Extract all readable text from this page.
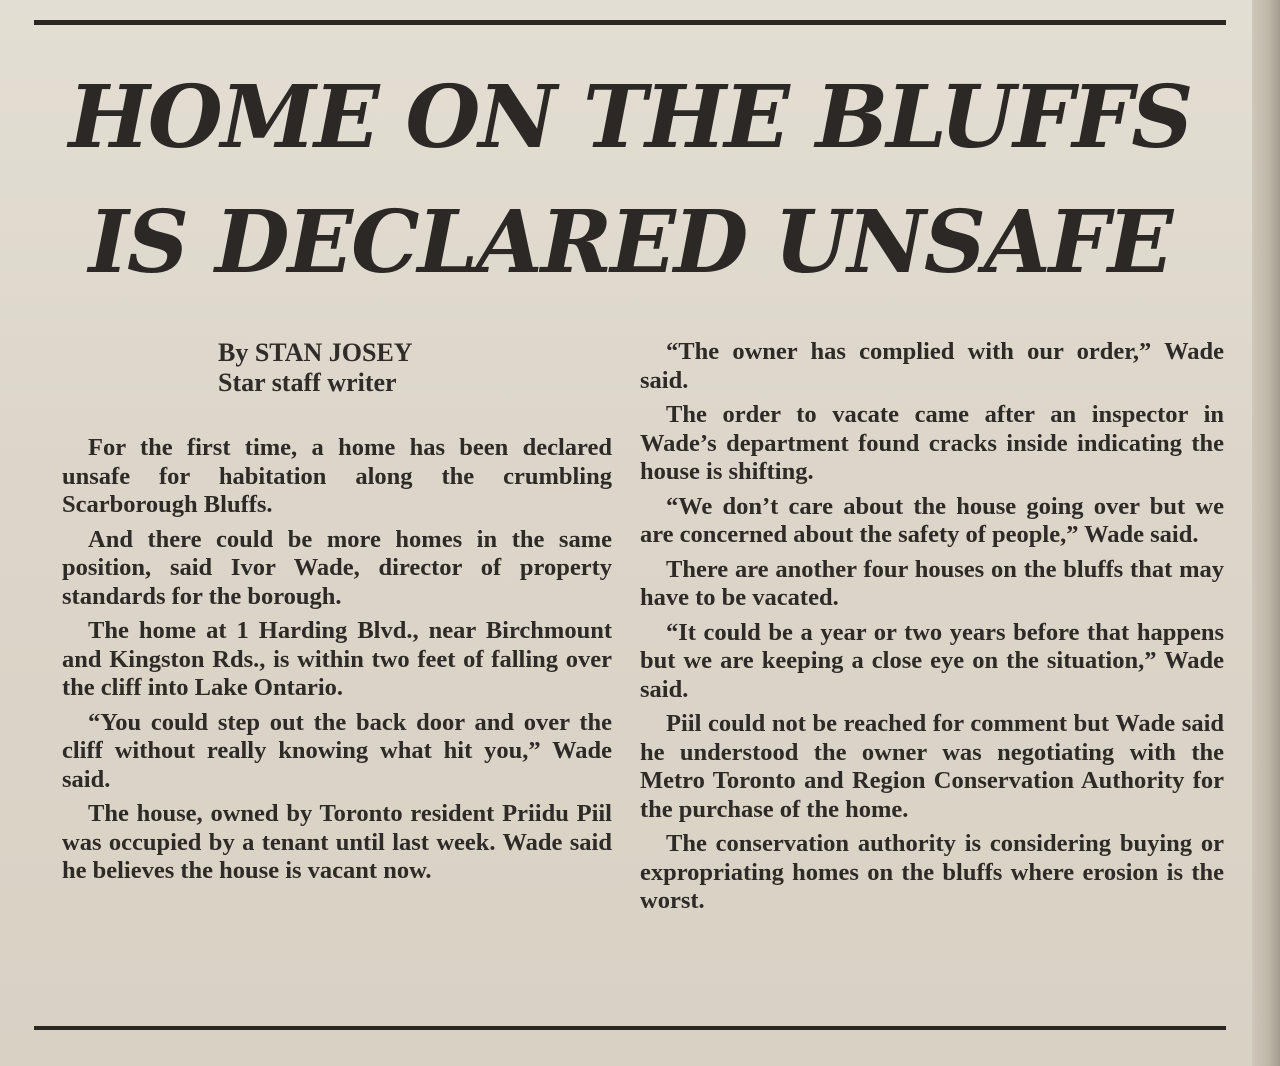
HOME ON THE BLUFFS
IS DECLARED UNSAFE
By STAN JOSEY
Star staff writer

For the first time, a home has been declared unsafe for habitation along the crumbling Scarborough Bluffs.

And there could be more homes in the same position, said Ivor Wade, director of property standards for the borough.

The home at 1 Harding Blvd., near Birchmount and Kingston Rds., is within two feet of falling over the cliff into Lake Ontario.

“You could step out the back door and over the cliff without really knowing what hit you,” Wade said.

The house, owned by Toronto resident Priidu Piil was occupied by a tenant until last week. Wade said he believes the house is vacant now.

“The owner has complied with our order,” Wade said.

The order to vacate came after an inspector in Wade’s department found cracks inside indicating the house is shifting.

“We don’t care about the house going over but we are concerned about the safety of people,” Wade said.

There are another four houses on the bluffs that may have to be vacated.

“It could be a year or two years before that happens but we are keeping a close eye on the situation,” Wade said.

Piil could not be reached for comment but Wade said he understood the owner was negotiating with the Metro Toronto and Region Conservation Authority for the purchase of the home.

The conservation authority is considering buying or expropriating homes on the bluffs where erosion is the worst.
